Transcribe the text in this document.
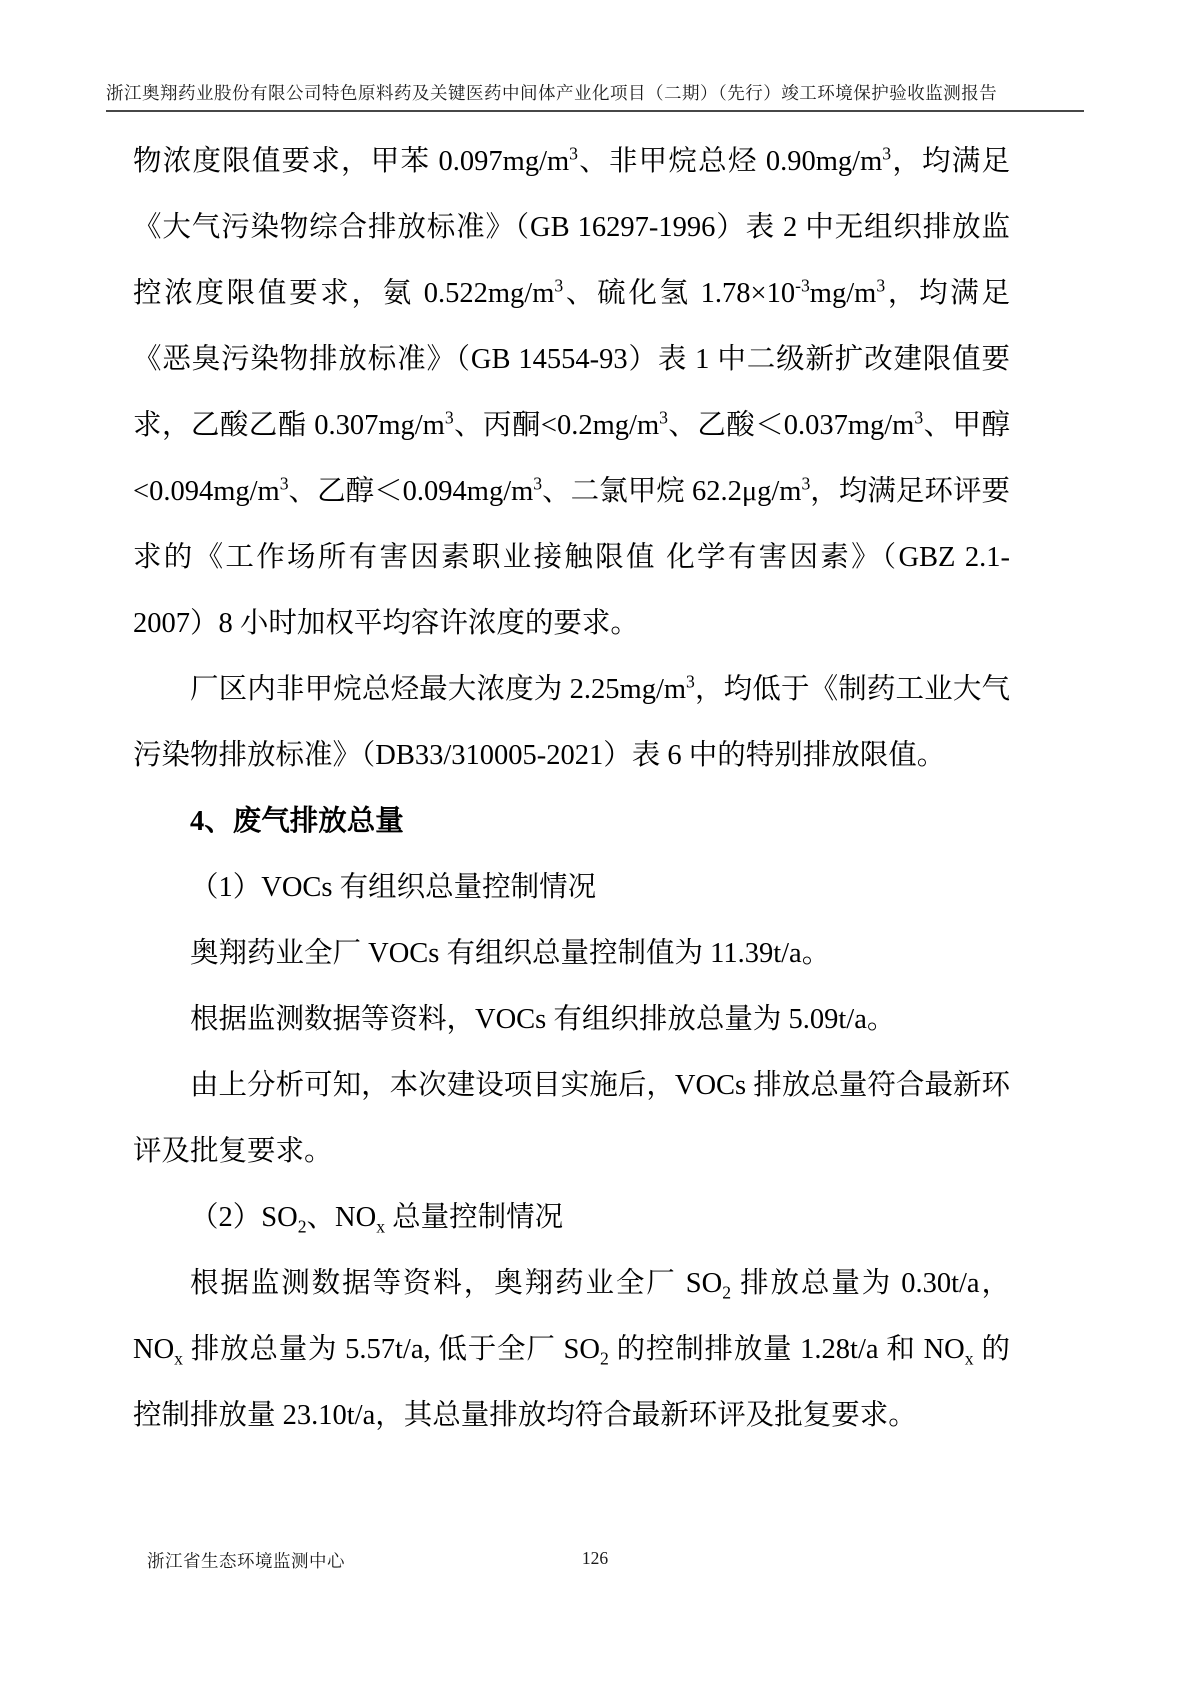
浙江奥翔药业股份有限公司特色原料药及关键医药中间体产业化项目（二期）（先行）竣工环境保护验收监测报告

物浓度限值要求，甲苯 $0.097mg/m^3$、非甲烷总烃 $0.90mg/m^3$，均满足《大气污染物综合排放标准》（GB 16297-1996）表 2 中无组织排放监控浓度限值要求，氨 $0.522mg/m^3$、硫化氢 $1.78\times 10^{-3}mg/m^3$，均满足《恶臭污染物排放标准》（GB 14554-93）表 1 中二级新扩改建限值要求，乙酸乙酯 $0.307mg/m^3$、丙酮$<0.2mg/m^3$、乙酸$<0.037mg/m^3$、甲醇$<0.094mg/m^3$、乙醇$<0.094mg/m^3$、二氯甲烷 $62.2\mu g/m^3$，均满足环评要求的《工作场所有害因素职业接触限值 化学有害因素》（GBZ 2.1-2007）8 小时加权平均容许浓度的要求。

厂区内非甲烷总烃最大浓度为 $2.25mg/m^3$，均低于《制药工业大气污染物排放标准》（DB33/310005-2021）表 6 中的特别排放限值。

4、废气排放总量

（1）VOCs 有组织总量控制情况

奥翔药业全厂 VOCs 有组织总量控制值为 11.39t/a。

根据监测数据等资料，VOCs 有组织排放总量为 5.09t/a。

由上分析可知，本次建设项目实施后，VOCs 排放总量符合最新环评及批复要求。

$(2)SO_2$、$NO_x$ 总量控制情况

根据监测数据等资料，奥翔药业全厂 $SO_2$ 排放总量为 0.30t/a，$NO_x$ 排放总量为 5.57t/a, 低于全厂 $SO_2$ 的控制排放量 1.28t/a 和 $NO_x$ 的控制排放量 23.10t/a，其总量排放均符合最新环评及批复要求。

浙江省生态环境监测中心	126
